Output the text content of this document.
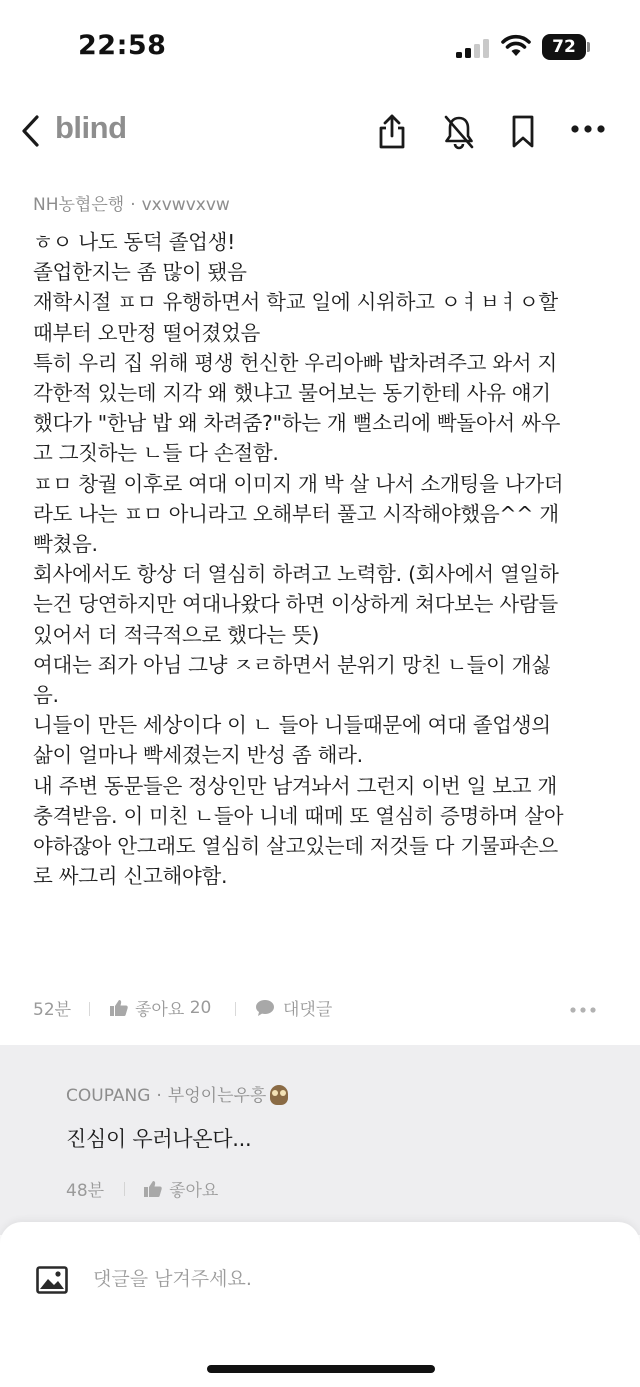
22:58	72
blind
NH농협은행 · vxvwvxvw
ㅎㅇ 나도 동덕 졸업생!
졸업한지는 좀 많이 됐음
재학시절 ㅍㅁ 유행하면서 학교 일에 시위하고 ㅇㅕㅂㅕㅇ할
때부터 오만정 떨어졌었음
특히 우리 집 위해 평생 헌신한 우리아빠 밥차려주고 와서 지
각한적 있는데 지각 왜 했냐고 물어보는 동기한테 사유 얘기
했다가 "한남 밥 왜 차려줌?"하는 개 뻘소리에 빡돌아서 싸우
고 그짓하는 ㄴ들 다 손절함.
ㅍㅁ 창궐 이후로 여대 이미지 개 박 살 나서 소개팅을 나가더
라도 나는 ㅍㅁ 아니라고 오해부터 풀고 시작해야했음^^ 개
빡쳤음.
회사에서도 항상 더 열심히 하려고 노력함. (회사에서 열일하
는건 당연하지만 여대나왔다 하면 이상하게 쳐다보는 사람들
있어서 더 적극적으로 했다는 뜻)
여대는 죄가 아님 그냥 ㅈㄹ하면서 분위기 망친 ㄴ들이 개싫
음.
니들이 만든 세상이다 이 ㄴ 들아 니들때문에 여대 졸업생의
삶이 얼마나 빡세졌는지 반성 좀 해라.
내 주변 동문들은 정상인만 남겨놔서 그런지 이번 일 보고 개
충격받음. 이 미친 ㄴ들아 니네 때메 또 열심히 증명하며 살아
야하잖아 안그래도 열심히 살고있는데 저것들 다 기물파손으
로 싸그리 신고해야함.
52분	좋아요
20	대댓글
COUPANG · 부엉이는우흥
진심이 우러나온다...
48분	좋아요
댓글을 남겨주세요.
